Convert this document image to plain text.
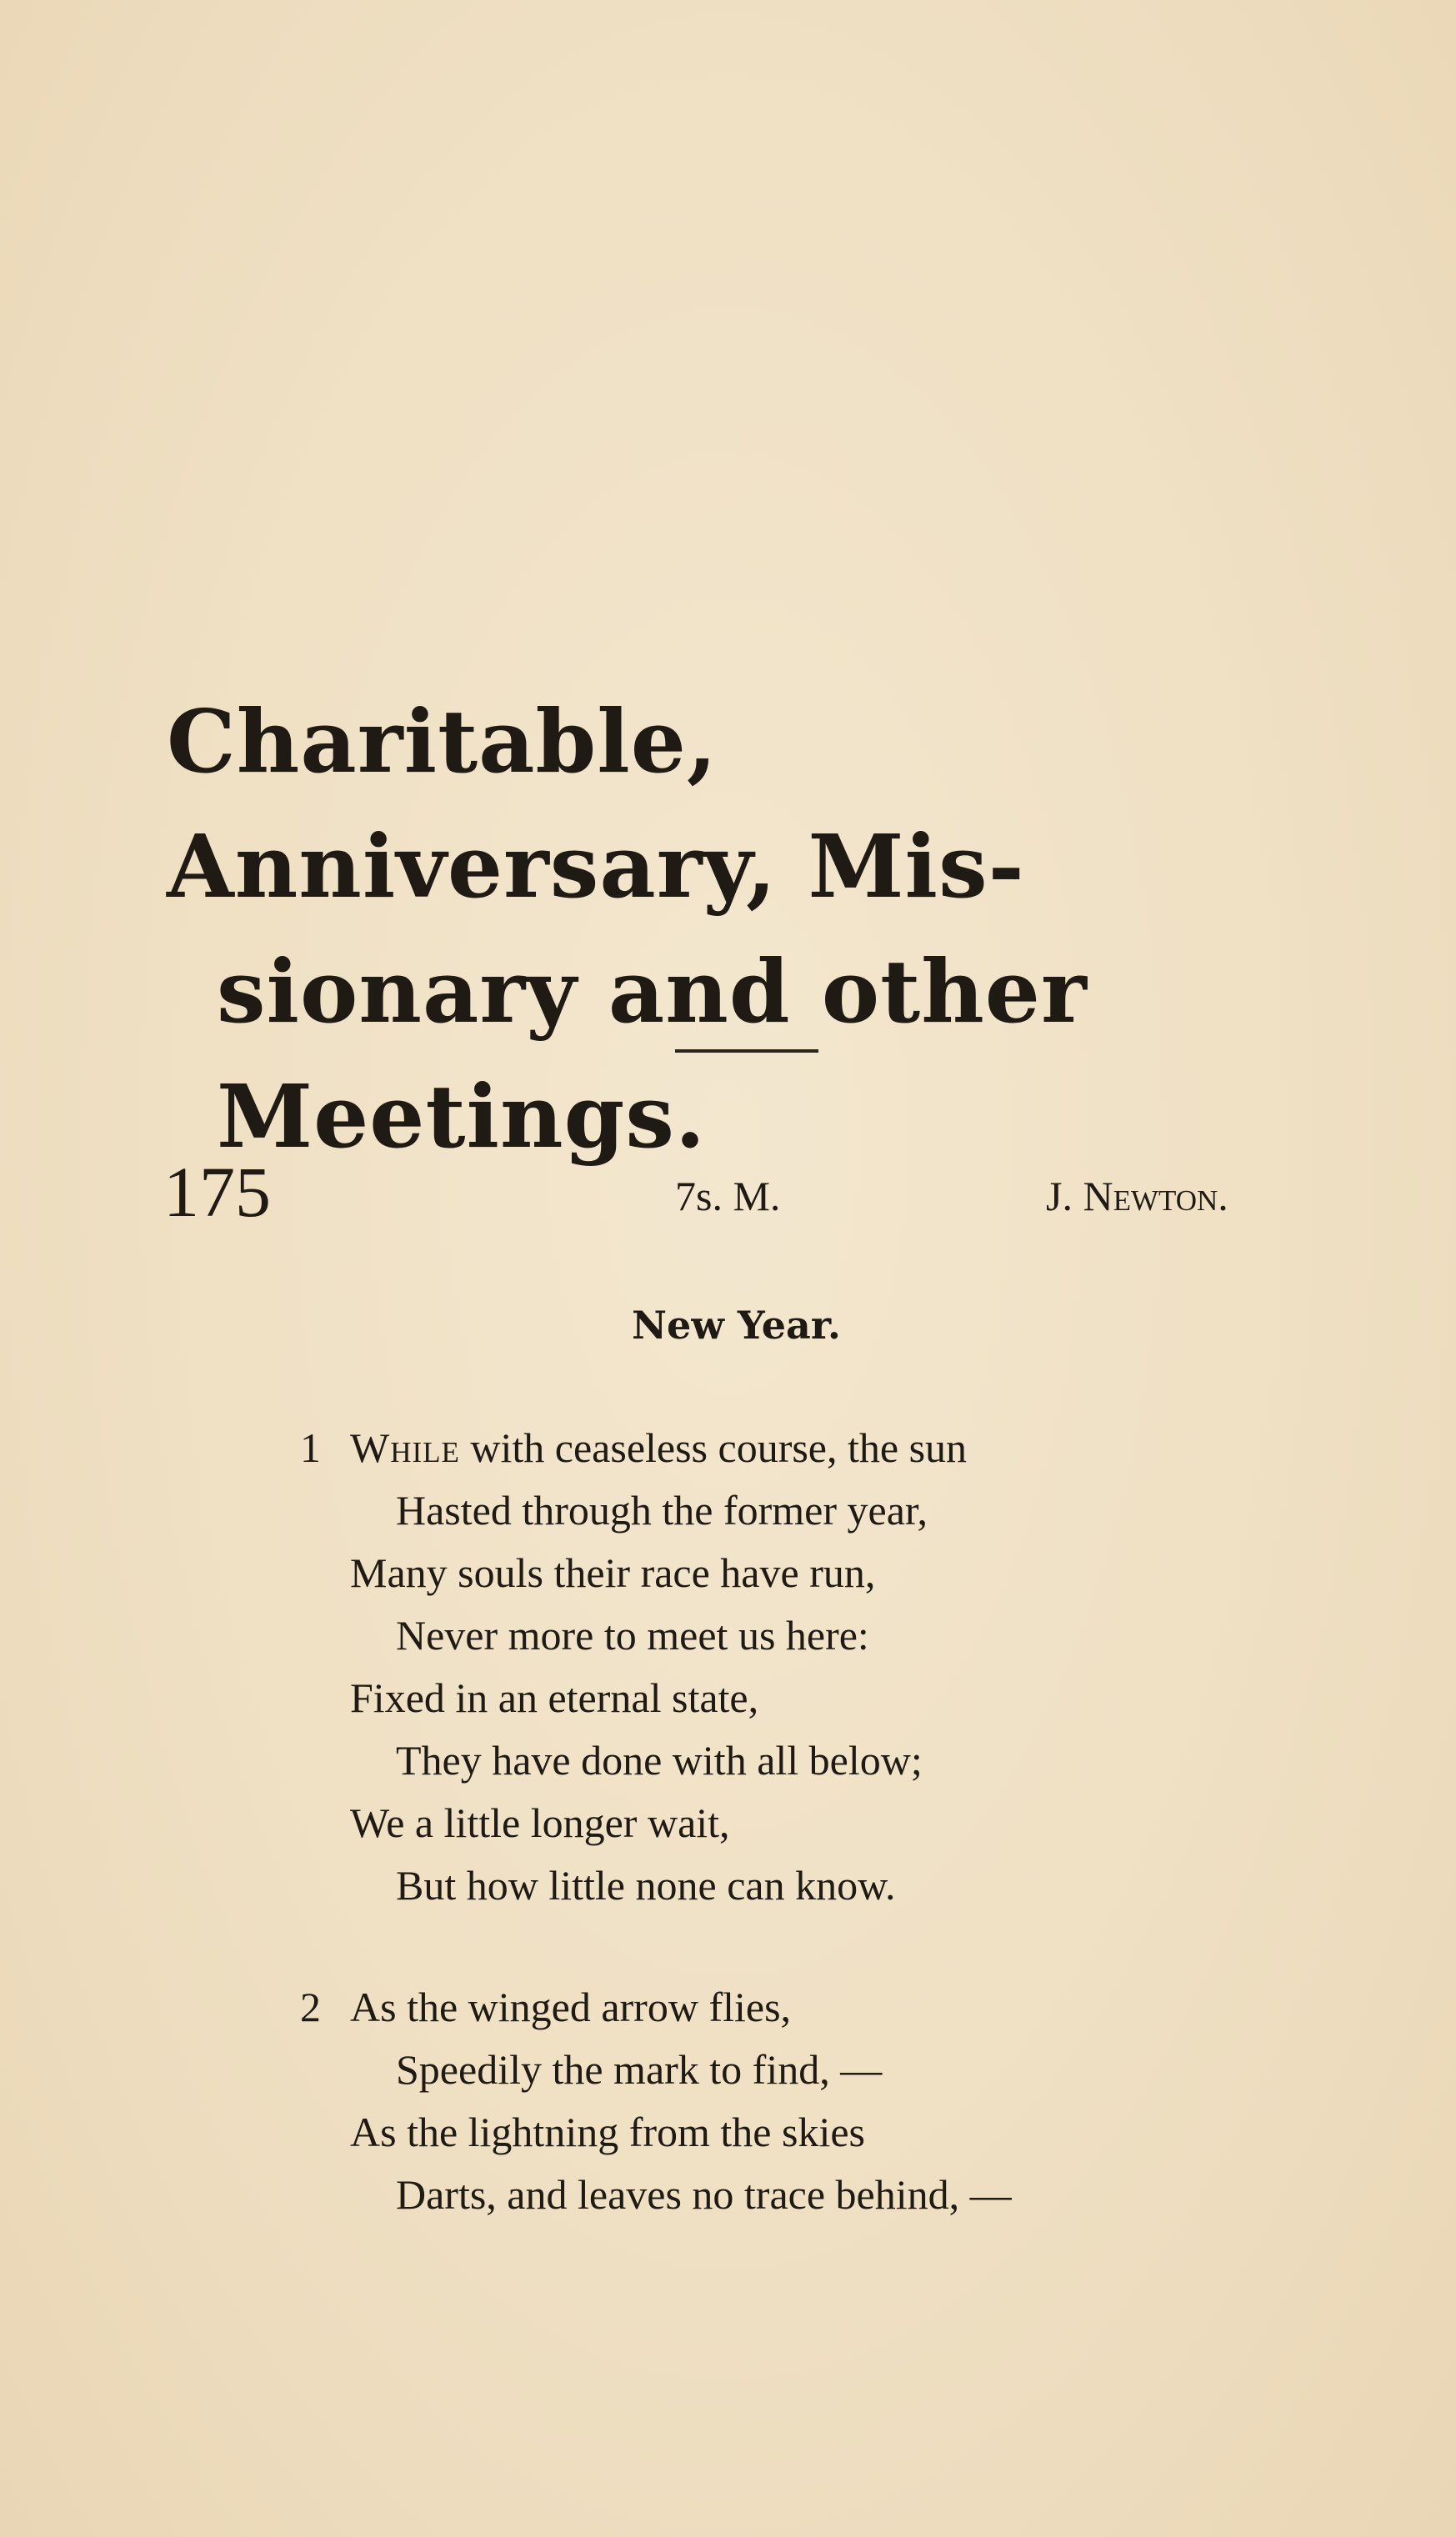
Charitable, Anniversary, Mis-
sionary and other Meetings.
175	7s. M.	J. Newton.
New Year.
1 While with ceaseless course, the sun
Hasted through the former year,
Many souls their race have run,
Never more to meet us here:
Fixed in an eternal state,
They have done with all below;
We a little longer wait,
But how little none can know.
2 As the winged arrow flies,
Speedily the mark to find, —
As the lightning from the skies
Darts, and leaves no trace behind, —
